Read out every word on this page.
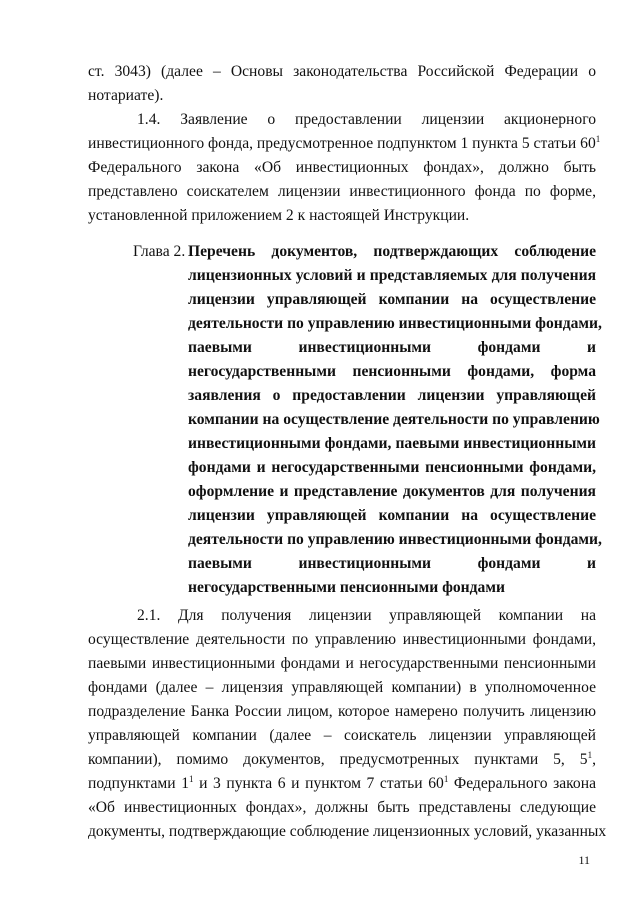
ст. 3043) (далее – Основы законодательства Российской Федерации о
нотариате).
1.4. Заявление о предоставлении лицензии акционерного
инвестиционного фонда, предусмотренное подпунктом 1 пункта 5 статьи $60^1$
Федерального закона «Об инвестиционных фондах», должно быть
представлено соискателем лицензии инвестиционного фонда по форме,
установленной приложением 2 к настоящей Инструкции.
Глава 2. Перечень документов, подтверждающих соблюдение
лицензионных условий и представляемых для получения
лицензии управляющей компании на осуществление
деятельности по управлению инвестиционными фондами,
паевыми инвестиционными фондами и
негосударственными пенсионными фондами, форма
заявления о предоставлении лицензии управляющей
компании на осуществление деятельности по управлению
инвестиционными фондами, паевыми инвестиционными
фондами и негосударственными пенсионными фондами,
оформление и представление документов для получения
лицензии управляющей компании на осуществление
деятельности по управлению инвестиционными фондами,
паевыми инвестиционными фондами и
негосударственными пенсионными фондами
2.1. Для получения лицензии управляющей компании на
осуществление деятельности по управлению инвестиционными фондами,
паевыми инвестиционными фондами и негосударственными пенсионными
фондами (далее – лицензия управляющей компании) в уполномоченное
подразделение Банка России лицом, которое намерено получить лицензию
управляющей компании (далее – соискатель лицензии управляющей
компании), помимо документов, предусмотренных пунктами 5, $5^1$,
подпунктами $1^1$ и 3 пункта 6 и пунктом 7 статьи $60^1$ Федерального закона
«Об инвестиционных фондах», должны быть представлены следующие
документы, подтверждающие соблюдение лицензионных условий, указанных
11
